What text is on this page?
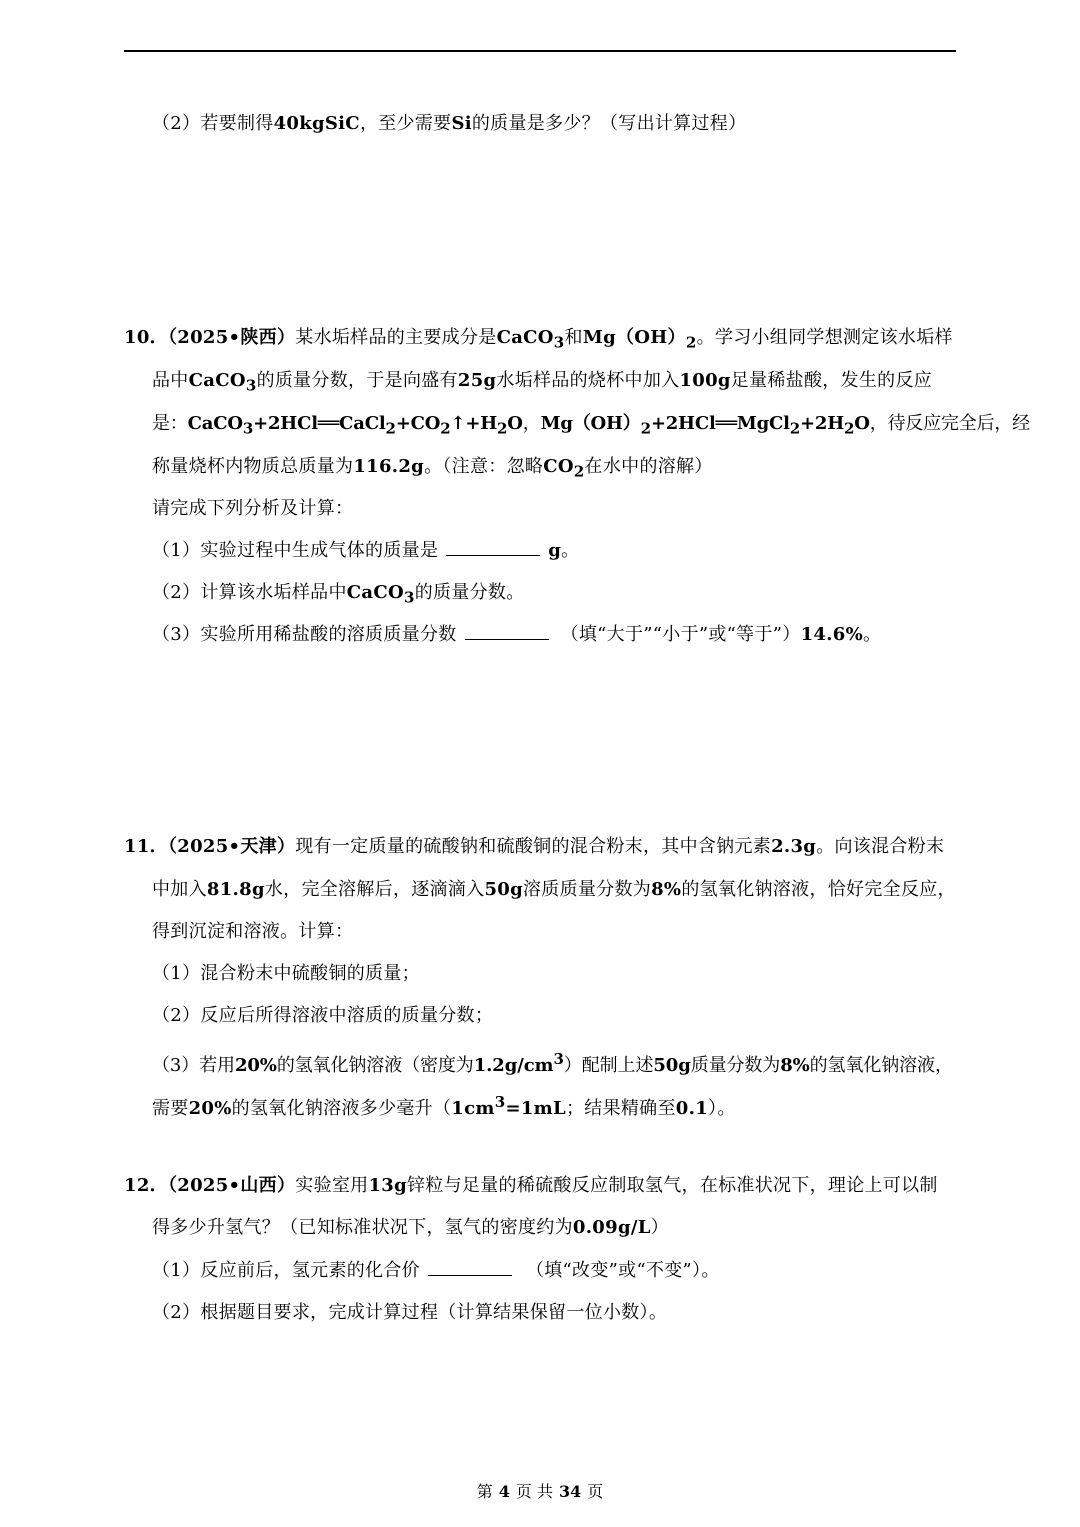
（2）若要制得40kgSiC，至少需要Si的质量是多少？（写出计算过程）
10．（2025•陕西）某水垢样品的主要成分是CaCO$_3$和$Mg(OH)_2$。学习小组同学想测定该水垢样
品中CaCO$_3$的质量分数，于是向盛有25g水垢样品的烧杯中加入100g足量稀盐酸，发生的反应
是：$CaCO_3+2HCl══CaCl_2+CO_2↑+H_2O$，$Mg(OH)_2+2HCl══MgCl_2+2H_2O$，待反应完全后，经
称量烧杯内物质总质量为116.2g。（注意：忽略$CO_2$在水中的溶解）
请完成下列分析及计算：
（1）实验过程中生成气体的质量是	g。
（2）计算该水垢样品中CaCO$_3$的质量分数。
（3）实验所用稀盐酸的溶质质量分数	（填“大于”“小于”或“等于”）14.6%。
11．（2025•天津）现有一定质量的硫酸钠和硫酸铜的混合粉末，其中含钠元素2.3g。向该混合粉末
中加入81.8g水，完全溶解后，逐滴滴入50g溶质质量分数为8%的氢氧化钠溶液，恰好完全反应，
得到沉淀和溶液。计算：
（1）混合粉末中硫酸铜的质量；
（2）反应后所得溶液中溶质的质量分数；
（3）若用20%的氢氧化钠溶液（密度为$1.2g/cm^3$）配制上述50g质量分数为8%的氢氧化钠溶液，
需要20%的氢氧化钠溶液多少毫升（$1cm^3=1mL$；结果精确至0.1）。
12．（2025•山西）实验室用13g锌粒与足量的稀硫酸反应制取氢气，在标准状况下，理论上可以制
得多少升氢气？（已知标准状况下，氢气的密度约为0.09g/L）
（1）反应前后，氢元素的化合价	（填“改变”或“不变”）。
（2）根据题目要求，完成计算过程（计算结果保留一位小数）。
第 4 页 共 34 页
